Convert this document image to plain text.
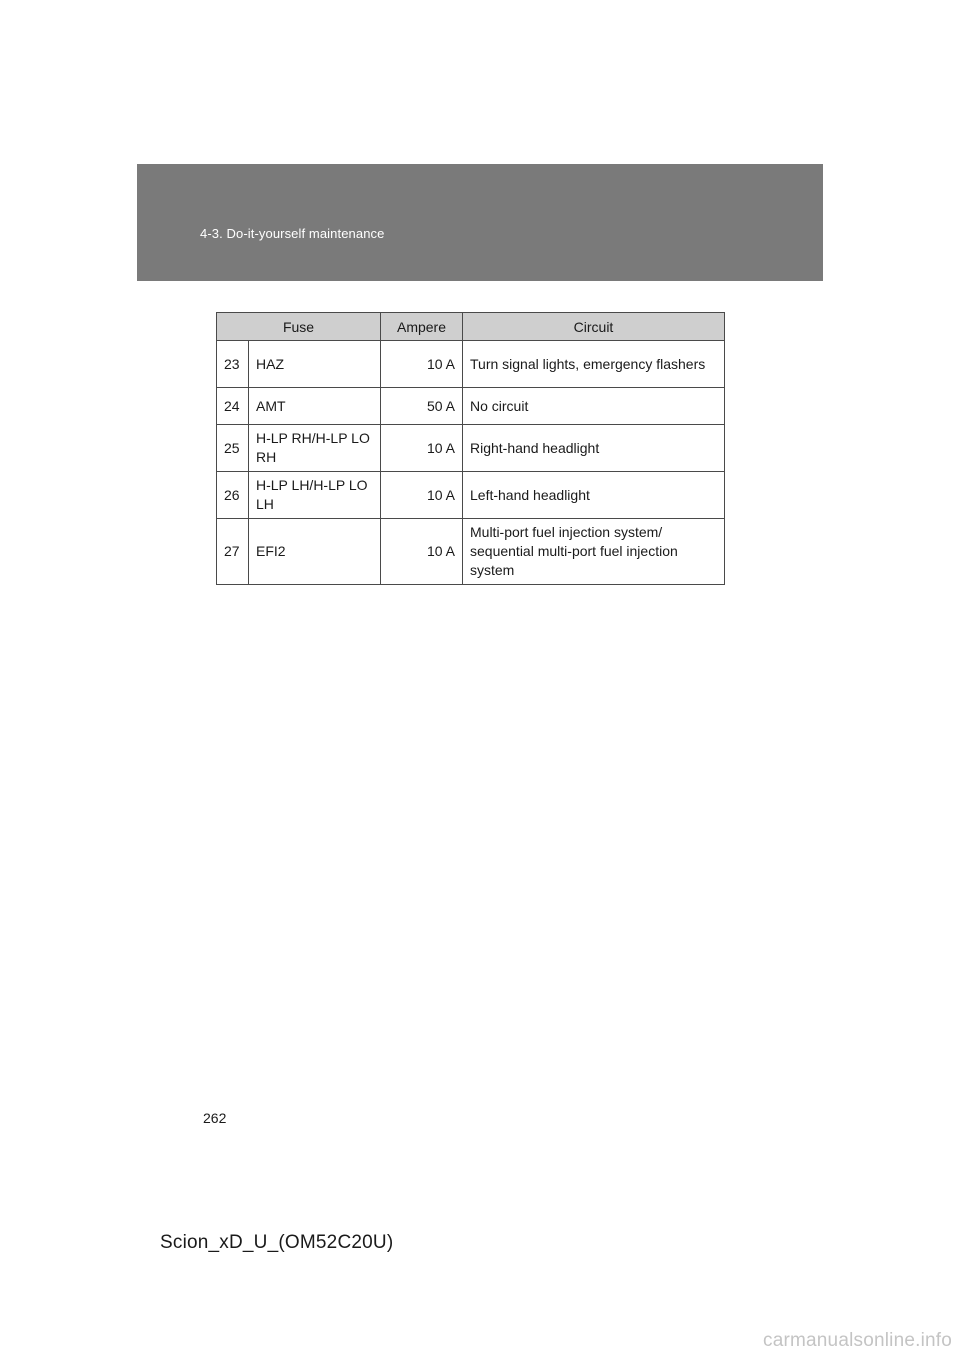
4-3. Do-it-yourself maintenance
Fuse		Ampere	Circuit
23	HAZ	10 A	Turn signal lights, emergency flashers
24	AMT	50 A	No circuit
25	H-LP RH/H-LP LO RH	10 A	Right-hand headlight
26	H-LP LH/H-LP LO LH	10 A	Left-hand headlight
27	EFI2	10 A	Multi-port fuel injection system/ sequential multi-port fuel injection system
262
Scion_xD_U_(OM52C20U)
carmanualsonline.info
